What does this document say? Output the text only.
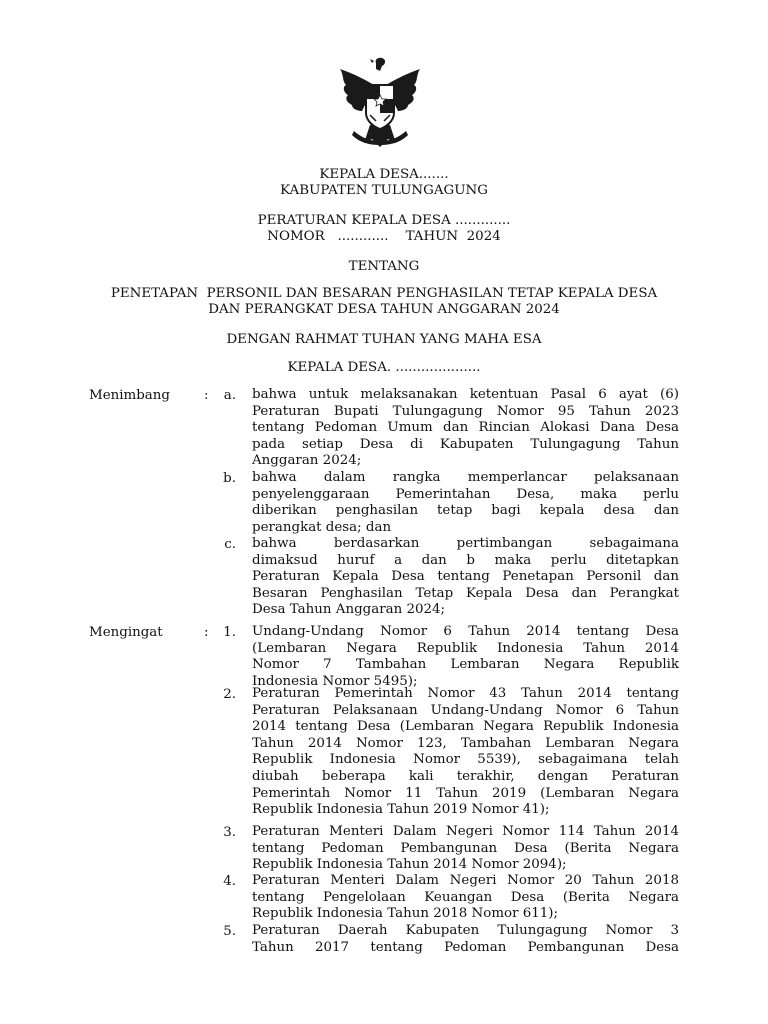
KEPALA DESA.......
KABUPATEN TULUNGAGUNG
PERATURAN KEPALA DESA .............
NOMOR   ............    TAHUN  2024
TENTANG
PENETAPAN  PERSONIL DAN BESARAN PENGHASILAN TETAP KEPALA DESA
DAN PERANGKAT DESA TAHUN ANGGARAN 2024
DENGAN RAHMAT TUHAN YANG MAHA ESA
KEPALA DESA. ....................
Menimbang	:	a. bahwa untuk melaksanakan ketentuan Pasal 6 ayat (6)
Peraturan Bupati Tulungagung Nomor 95 Tahun 2023
tentang Pedoman Umum dan Rincian Alokasi Dana Desa
pada setiap Desa di Kabupaten Tulungagung Tahun
Anggaran 2024;
b. bahwa dalam rangka memperlancar pelaksanaan
penyelenggaraan Pemerintahan Desa, maka perlu
diberikan penghasilan tetap bagi kepala desa dan
perangkat desa; dan
c. bahwa berdasarkan pertimbangan sebagaimana
dimaksud huruf a dan b maka perlu ditetapkan
Peraturan Kepala Desa tentang Penetapan Personil dan
Besaran Penghasilan Tetap Kepala Desa dan Perangkat
Desa Tahun Anggaran 2024;
Mengingat	:	1. Undang-Undang Nomor 6 Tahun 2014 tentang Desa
(Lembaran Negara Republik Indonesia Tahun 2014
Nomor 7 Tambahan Lembaran Negara Republik
Indonesia Nomor 5495);
2. Peraturan Pemerintah Nomor 43 Tahun 2014 tentang
Peraturan Pelaksanaan Undang-Undang Nomor 6 Tahun
2014 tentang Desa (Lembaran Negara Republik Indonesia
Tahun 2014 Nomor 123, Tambahan Lembaran Negara
Republik Indonesia Nomor 5539), sebagaimana telah
diubah beberapa kali terakhir, dengan Peraturan
Pemerintah Nomor 11 Tahun 2019 (Lembaran Negara
Republik Indonesia Tahun 2019 Nomor 41);
3. Peraturan Menteri Dalam Negeri Nomor 114 Tahun 2014
tentang Pedoman Pembangunan Desa (Berita Negara
Republik Indonesia Tahun 2014 Nomor 2094);
4. Peraturan Menteri Dalam Negeri Nomor 20 Tahun 2018
tentang Pengelolaan Keuangan Desa (Berita Negara
Republik Indonesia Tahun 2018 Nomor 611);
5. Peraturan Daerah Kabupaten Tulungagung Nomor 3
Tahun 2017 tentang Pedoman Pembangunan Desa
